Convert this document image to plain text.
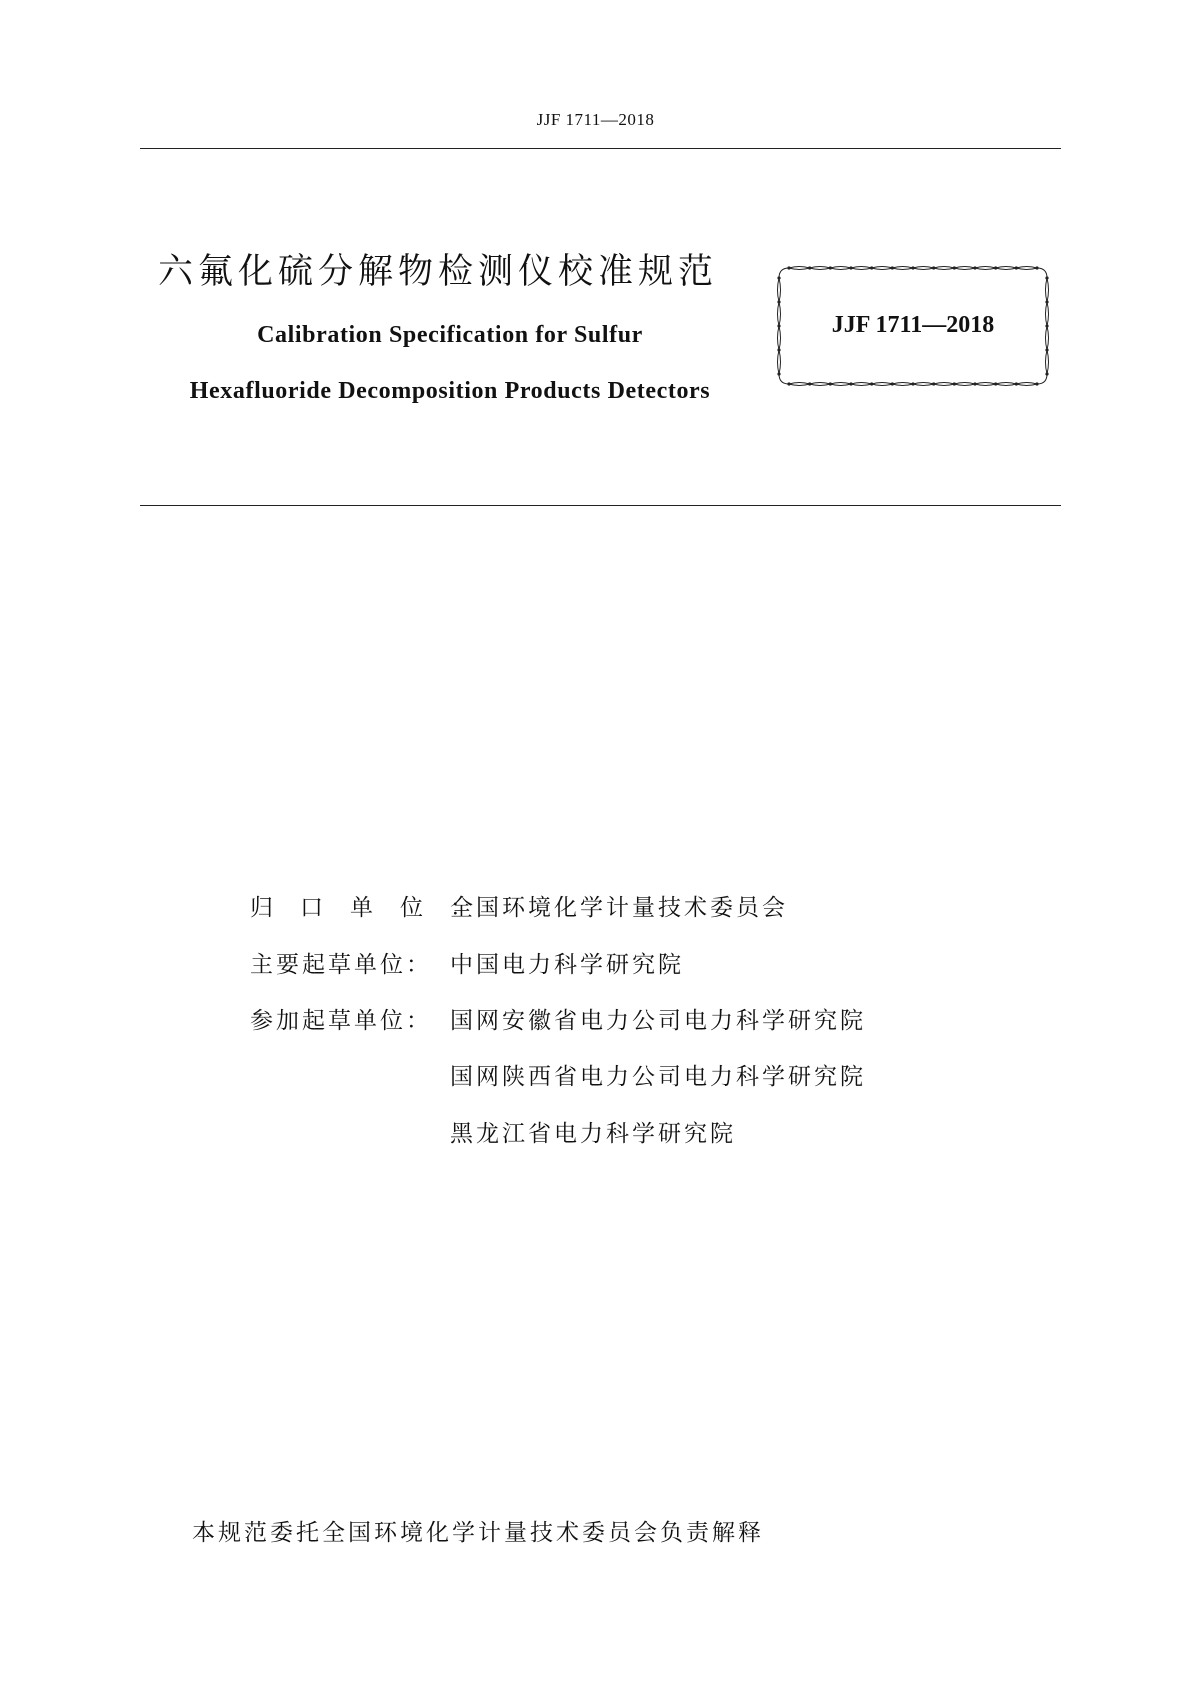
JJF 1711—2018
六氟化硫分解物检测仪校准规范
Calibration Specification for Sulfur
Hexafluoride Decomposition Products Detectors
JJF 1711—2018
归口单位：
全国环境化学计量技术委员会
主要起草单位： 中国电力科学研究院
参加起草单位： 国网安徽省电力公司电力科学研究院
国网陕西省电力公司电力科学研究院
黑龙江省电力科学研究院
本规范委托全国环境化学计量技术委员会负责解释
